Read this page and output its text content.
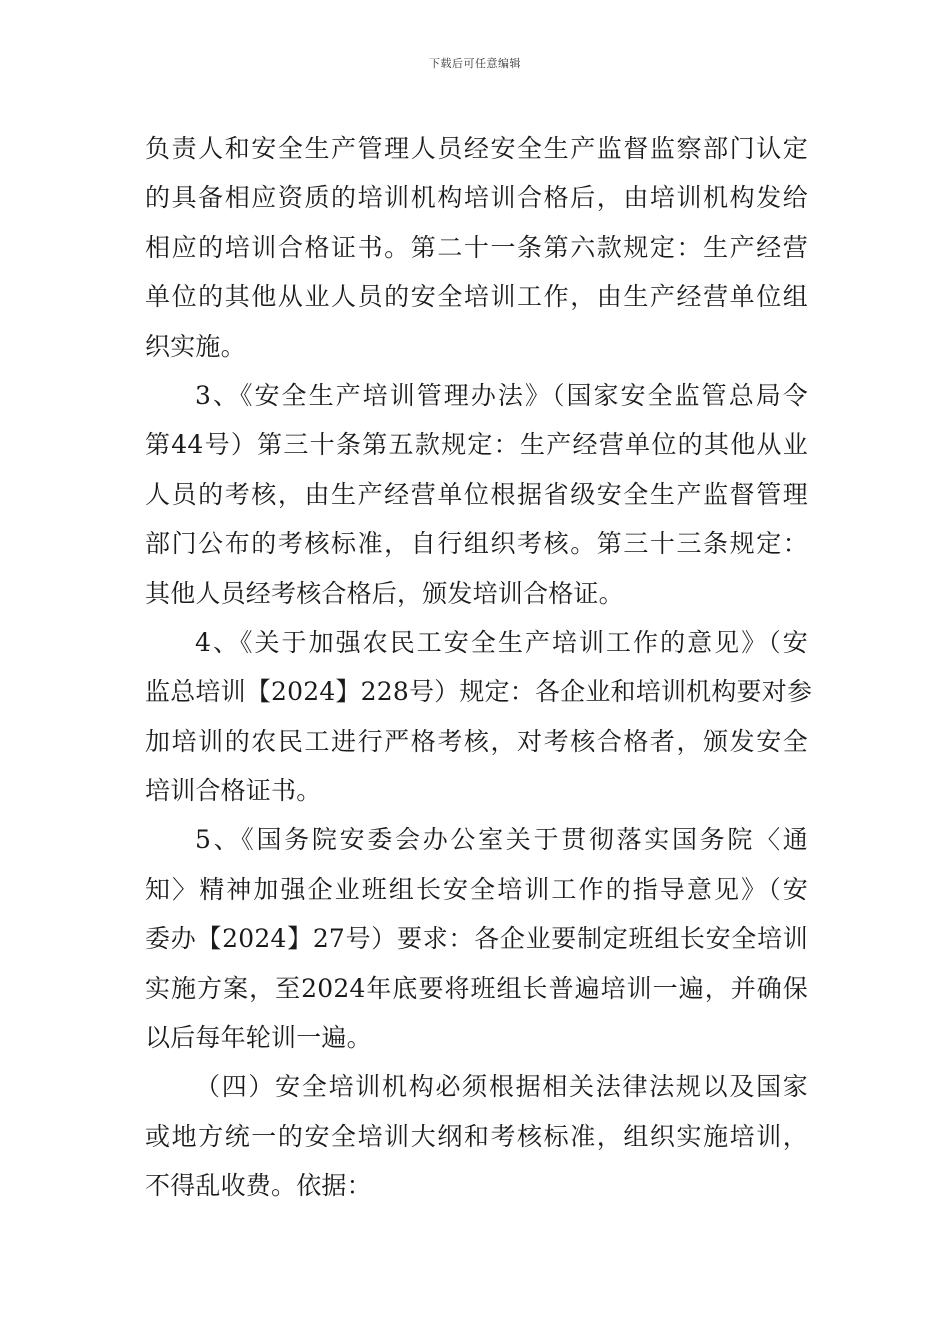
下载后可任意编辑
负责人和安全生产管理人员经安全生产监督监察部门认定
的具备相应资质的培训机构培训合格后，由培训机构发给
相应的培训合格证书。第二十一条第六款规定：生产经营
单位的其他从业人员的安全培训工作，由生产经营单位组
织实施。
3、《安全生产培训管理办法》（国家安全监管总局令
第44号）第三十条第五款规定：生产经营单位的其他从业
人员的考核，由生产经营单位根据省级安全生产监督管理
部门公布的考核标准，自行组织考核。第三十三条规定：
其他人员经考核合格后，颁发培训合格证。
4、《关于加强农民工安全生产培训工作的意见》（安
监总培训【2024】228号）规定：各企业和培训机构要对参
加培训的农民工进行严格考核，对考核合格者，颁发安全
培训合格证书。
5、《国务院安委会办公室关于贯彻落实国务院〈通
知〉精神加强企业班组长安全培训工作的指导意见》（安
委办【2024】27号）要求：各企业要制定班组长安全培训
实施方案，至2024年底要将班组长普遍培训一遍，并确保
以后每年轮训一遍。
（四）安全培训机构必须根据相关法律法规以及国家
或地方统一的安全培训大纲和考核标准，组织实施培训，
不得乱收费。依据：
